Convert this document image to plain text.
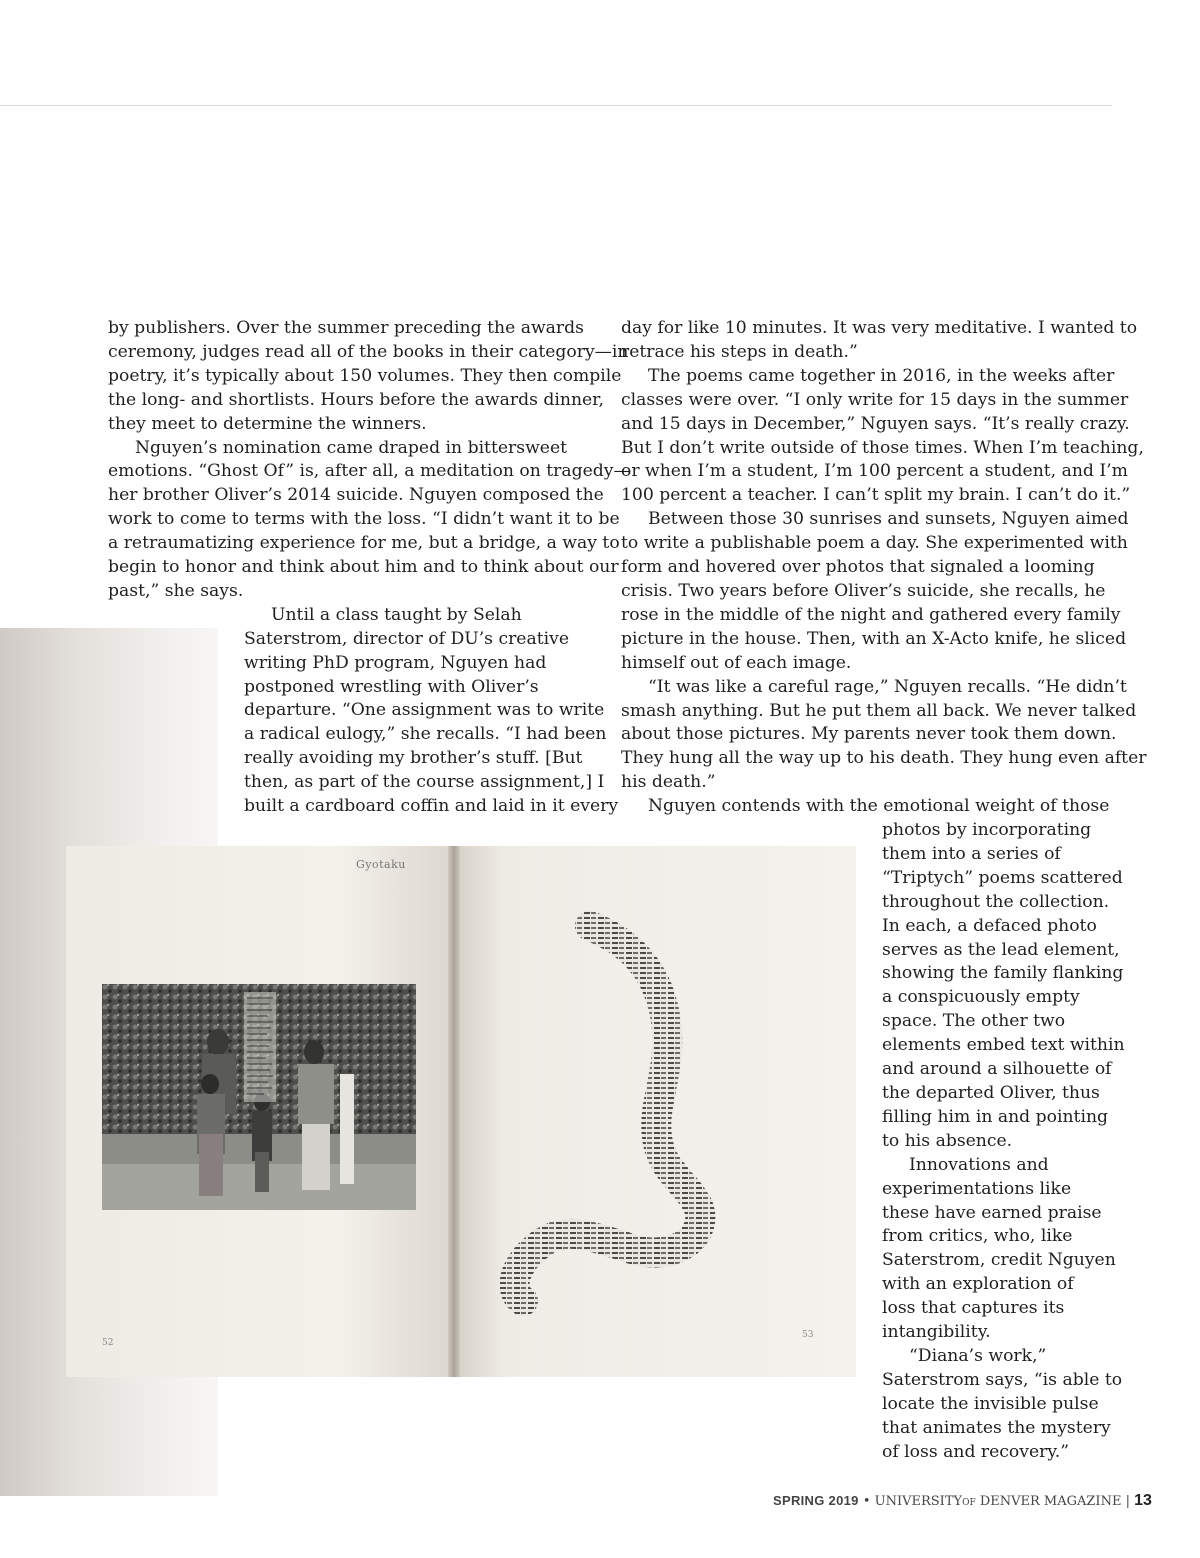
by publishers. Over the summer preceding the awards

ceremony, judges read all of the books in their category—in

poetry, it’s typically about 150 volumes. They then compile

the long- and shortlists. Hours before the awards dinner,

they meet to determine the winners.

Nguyen’s nomination came draped in bittersweet

emotions. “Ghost Of” is, after all, a meditation on tragedy—

her brother Oliver’s 2014 suicide. Nguyen composed the

work to come to terms with the loss. “I didn’t want it to be

a retraumatizing experience for me, but a bridge, a way to

begin to honor and think about him and to think about our

past,” she says.

Until a class taught by Selah

Saterstrom, director of DU’s creative

writing PhD program, Nguyen had

postponed wrestling with Oliver’s

departure. “One assignment was to write

a radical eulogy,” she recalls. “I had been

really avoiding my brother’s stuff. [But

then, as part of the course assignment,] I

built a cardboard coffin and laid in it every

day for like 10 minutes. It was very meditative. I wanted to

retrace his steps in death.”

The poems came together in 2016, in the weeks after

classes were over. “I only write for 15 days in the summer

and 15 days in December,” Nguyen says. “It’s really crazy.

But I don’t write outside of those times. When I’m teaching,

or when I’m a student, I’m 100 percent a student, and I’m

100 percent a teacher. I can’t split my brain. I can’t do it.”

Between those 30 sunrises and sunsets, Nguyen aimed

to write a publishable poem a day. She experimented with

form and hovered over photos that signaled a looming

crisis. Two years before Oliver’s suicide, she recalls, he

rose in the middle of the night and gathered every family

picture in the house. Then, with an X-Acto knife, he sliced

himself out of each image.

“It was like a careful rage,” Nguyen recalls. “He didn’t

smash anything. But he put them all back. We never talked

about those pictures. My parents never took them down.

They hung all the way up to his death. They hung even after

his death.”

Nguyen contends with the emotional weight of those

photos by incorporating

them into a series of

“Triptych” poems scattered

throughout the collection.

In each, a defaced photo

serves as the lead element,

showing the family flanking

a conspicuously empty

space. The other two

elements embed text within

and around a silhouette of

the departed Oliver, thus

filling him in and pointing

to his absence.

Innovations and

experimentations like

these have earned praise

from critics, who, like

Saterstrom, credit Nguyen

with an exploration of

loss that captures its

intangibility.

“Diana’s work,”

Saterstrom says, “is able to

locate the invisible pulse

that animates the mystery

of loss and recovery.”

Gyotaku
52
53
SPRING 2019 • UNIVERSITYOF DENVER MAGAZINE | 13
